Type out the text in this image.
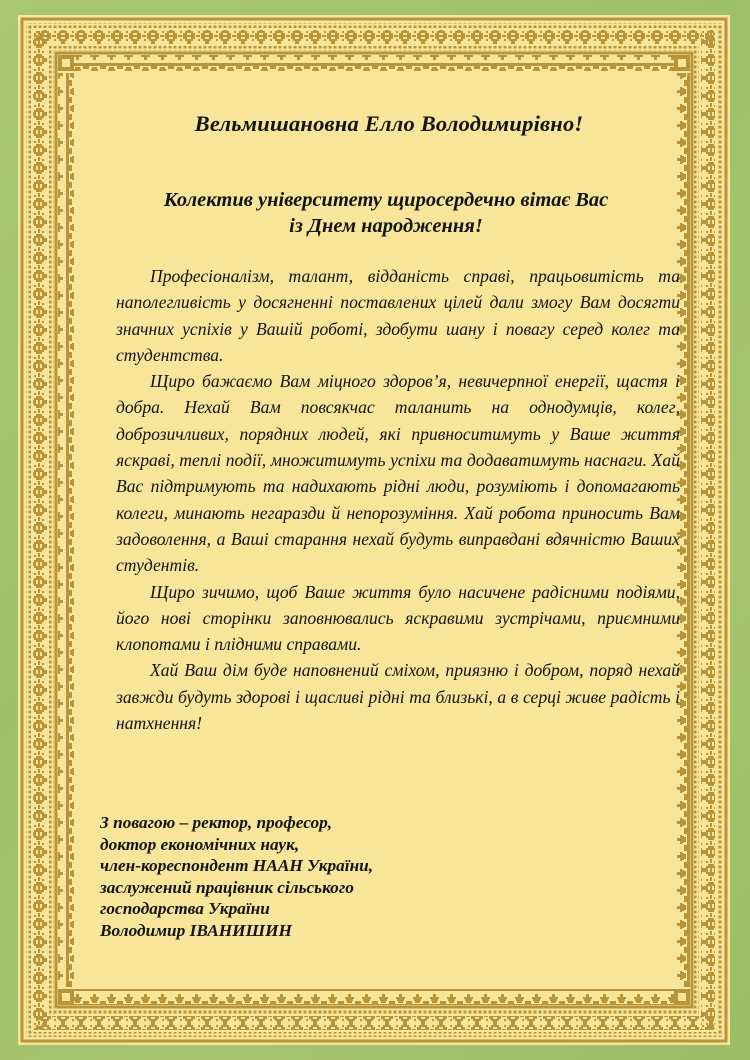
Вельмишановна Елло Володимирівно!
Колектив університету щиросердечно вітає Вас
із Днем народження!

Професіоналізм, талант, відданість справі, працьовитість та наполегливість у досягненні поставлених цілей дали змогу Вам досягти значних успіхів у Вашій роботі, здобути шану і повагу серед колег та студентства.

Щиро бажаємо Вам міцного здоров’я, невичерпної енергії, щастя і добра. Нехай Вам повсякчас таланить на однодумців, колег, доброзичливих, порядних людей, які привноситимуть у Ваше життя яскраві, теплі події, множитимуть успіхи та додаватимуть наснаги. Хай Вас підтримують та надихають рідні люди, розуміють і допомагають колеги, минають негаразди й непорозуміння. Хай робота приносить Вам задоволення, а Ваші старання нехай будуть виправдані вдячністю Ваших студентів.

Щиро зичимо, щоб Ваше життя було насичене радісними подіями, його нові сторінки заповнювались яскравими зустрічами, приємними клопотами і плідними справами.

Хай Ваш дім буде наповнений сміхом, приязню і добром, поряд нехай завжди будуть здорові і щасливі рідні та близькі, а в серці живе радість і натхнення!

З повагою – ректор, професор,
доктор економічних наук,
член-кореспондент НААН України,
заслужений працівник сільського
господарства України
Володимир ІВАНИШИН
